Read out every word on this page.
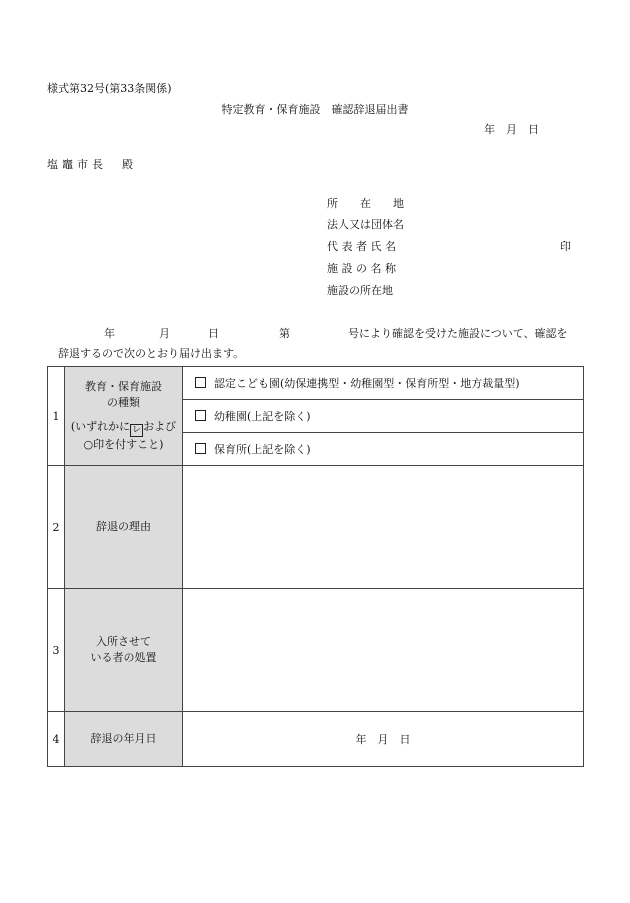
様式第32号(第33条関係)
特定教育・保育施設　確認辞退届出書
年　月　日
塩竈市長　殿
所　　在　　地
法人又は団体名
代 表 者 氏 名	印
施 設 の 名 称
施設の所在地
年	月	日	第	号により確認を受けた施設について、確認を
辞退するので次のとおり届け出ます。
1	教育・保育施設
の種類
(いずれかに レ および
○印を付すこと)	認定こども園(幼保連携型・幼稚園型・保育所型・地方裁量型)
		幼稚園(上記を除く)
		保育所(上記を除く)
2	辞退の理由	
3	入所させて
いる者の処置	

4	辞退の年月日	年　月　日
